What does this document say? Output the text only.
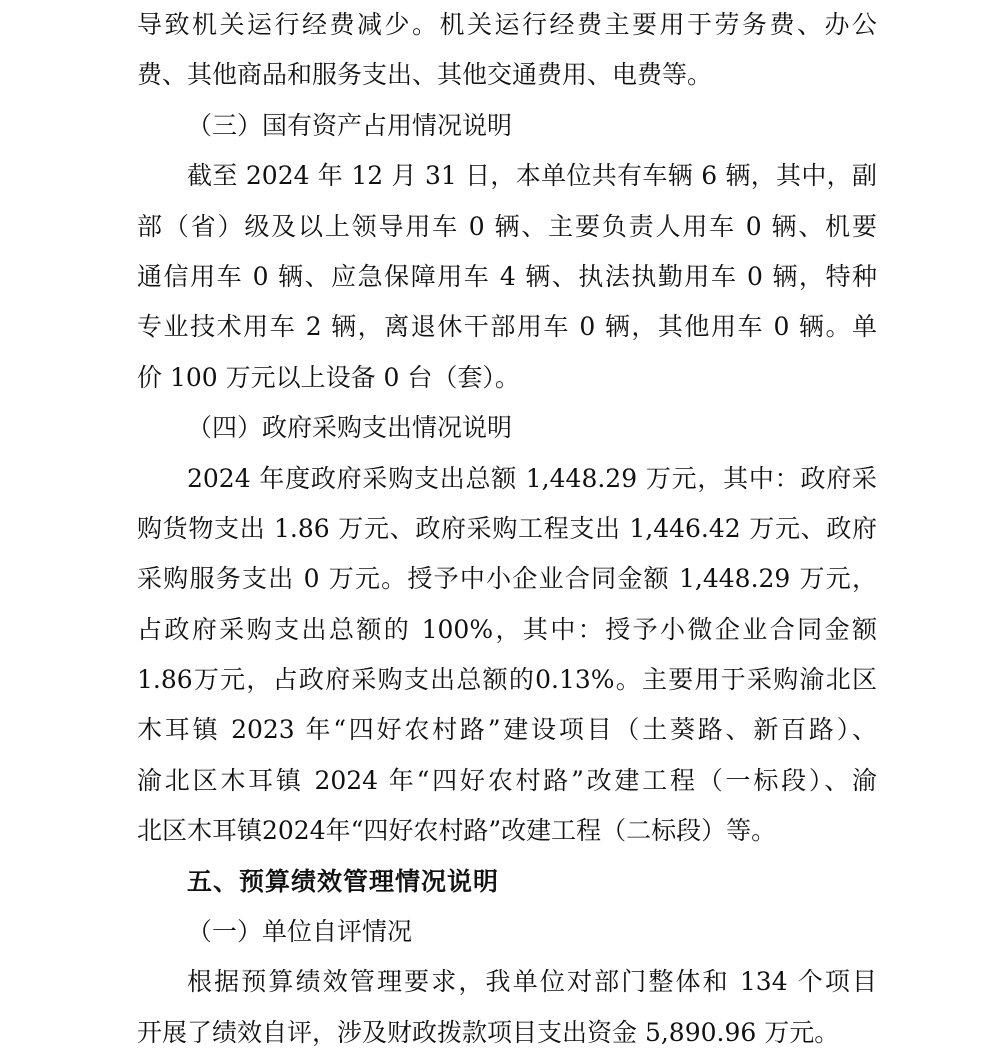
导致机关运行经费减少。机关运行经费主要用于劳务费、办公
费、其他商品和服务支出、其他交通费用、电费等。
（三）国有资产占用情况说明
截至 2024 年 12 月 31 日，本单位共有车辆 6 辆，其中，副
部（省）级及以上领导用车 0 辆、主要负责人用车 0 辆、机要
通信用车 0 辆、应急保障用车 4 辆、执法执勤用车 0 辆，特种
专业技术用车 2 辆，离退休干部用车 0 辆，其他用车 0 辆。单
价 100 万元以上设备 0 台（套）。
（四）政府采购支出情况说明
2024 年度政府采购支出总额 1,448.29 万元，其中：政府采
购货物支出 1.86 万元、政府采购工程支出 1,446.42 万元、政府
采购服务支出 0 万元。授予中小企业合同金额 1,448.29 万元，
占政府采购支出总额的 100%，其中：授予小微企业合同金额
1.86万元，占政府采购支出总额的0.13%。主要用于采购渝北区
木耳镇 2023 年“四好农村路”建设项目（土葵路、新百路）、
渝北区木耳镇 2024 年“四好农村路”改建工程（一标段）、渝
北区木耳镇2024年“四好农村路”改建工程（二标段）等。
五、预算绩效管理情况说明
（一）单位自评情况
根据预算绩效管理要求，我单位对部门整体和 134 个项目
开展了绩效自评，涉及财政拨款项目支出资金 5,890.96 万元。
